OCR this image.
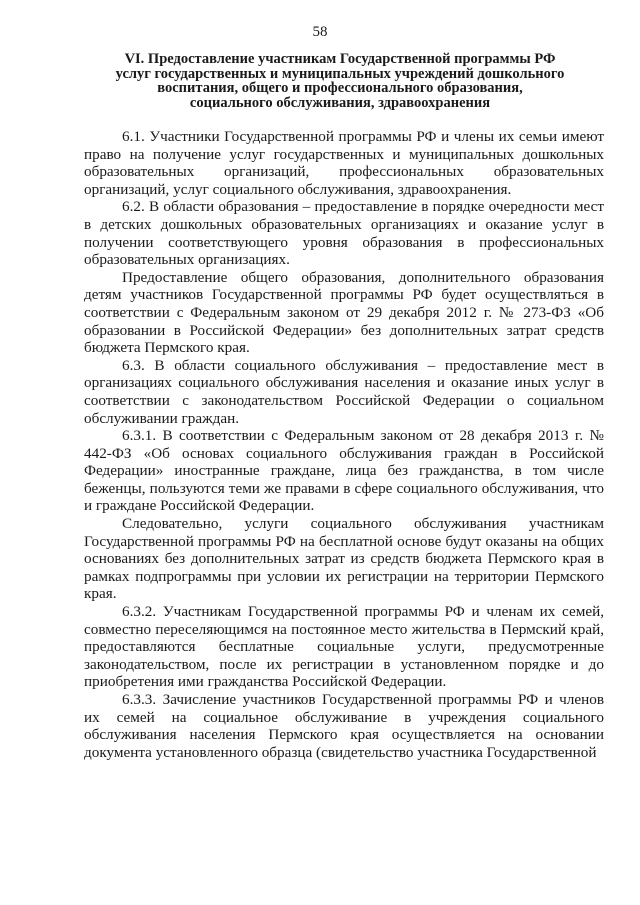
58
VI. Предоставление участникам Государственной программы РФ
услуг государственных и муниципальных учреждений дошкольного
воспитания, общего и профессионального образования,
социального обслуживания, здравоохранения

6.1. Участники Государственной программы РФ и члены их семьи имеют право на получение услуг государственных и муниципальных дошкольных образовательных организаций, профессиональных образовательных организаций, услуг социального обслуживания, здравоохранения.

6.2. В области образования – предоставление в порядке очередности мест в детских дошкольных образовательных организациях и оказание услуг в получении соответствующего уровня образования в профессиональных образовательных организациях.

Предоставление общего образования, дополнительного образования детям участников Государственной программы РФ будет осуществляться в соответствии с Федеральным законом от 29 декабря 2012 г. № 273-ФЗ «Об образовании в Российской Федерации» без дополнительных затрат средств бюджета Пермского края.

6.3. В области социального обслуживания – предоставление мест в организациях социального обслуживания населения и оказание иных услуг в соответствии с законодательством Российской Федерации о социальном обслуживании граждан.

6.3.1. В соответствии с Федеральным законом от 28 декабря 2013 г. № 442-ФЗ «Об основах социального обслуживания граждан в Российской Федерации» иностранные граждане, лица без гражданства, в том числе беженцы, пользуются теми же правами в сфере социального обслуживания, что и граждане Российской Федерации.

Следовательно, услуги социального обслуживания участникам Государственной программы РФ на бесплатной основе будут оказаны на общих основаниях без дополнительных затрат из средств бюджета Пермского края в рамках подпрограммы при условии их регистрации на территории Пермского края.

6.3.2. Участникам Государственной программы РФ и членам их семей, совместно переселяющимся на постоянное место жительства в Пермский край, предоставляются бесплатные социальные услуги, предусмотренные законодательством, после их регистрации в установленном порядке и до приобретения ими гражданства Российской Федерации.

6.3.3. Зачисление участников Государственной программы РФ и членов их семей на социальное обслуживание в учреждения социального обслуживания населения Пермского края осуществляется на основании документа установленного образца (свидетельство участника Государственной
